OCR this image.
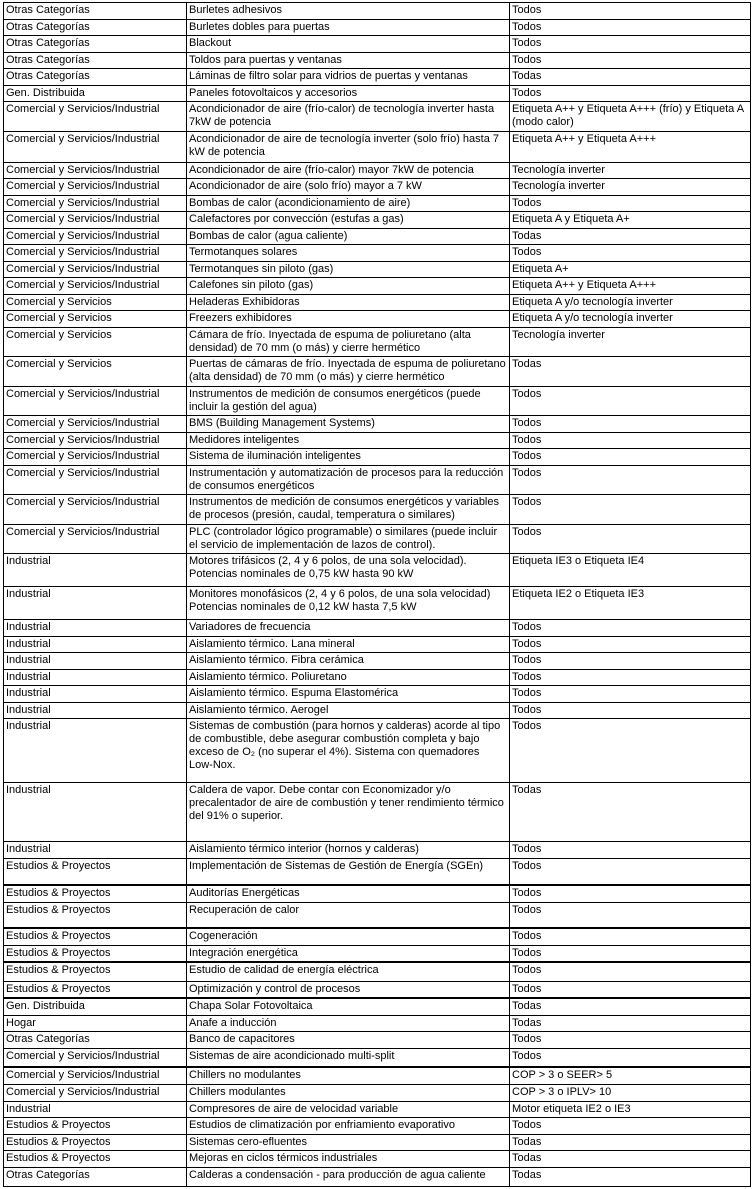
Otras Categorías	Burletes adhesivos	Todos
Otras Categorías	Burletes dobles para puertas	Todos
Otras Categorías	Blackout	Todos
Otras Categorías	Toldos para puertas y ventanas	Todos
Otras Categorías	Láminas de filtro solar para vidrios de puertas y ventanas	Todas
Gen. Distribuida	Paneles fotovoltaicos y accesorios	Todos
Comercial y Servicios/Industrial	Acondicionador de aire (frío-calor) de tecnología inverter hasta 7kW de potencia	Etiqueta A++ y Etiqueta A+++ (frío) y Etiqueta A (modo calor)
Comercial y Servicios/Industrial	Acondicionador de aire de tecnología inverter (solo frío) hasta 7 kW de potencia	Etiqueta A++ y Etiqueta A+++
Comercial y Servicios/Industrial	Acondicionador de aire (frío-calor) mayor 7kW de potencia	Tecnología inverter
Comercial y Servicios/Industrial	Acondicionador de aire (solo frío) mayor a 7 kW	Tecnología inverter
Comercial y Servicios/Industrial	Bombas de calor (acondicionamiento de aire)	Todos
Comercial y Servicios/Industrial	Calefactores por convección (estufas a gas)	Etiqueta A y Etiqueta A+
Comercial y Servicios/Industrial	Bombas de calor (agua caliente)	Todas
Comercial y Servicios/Industrial	Termotanques solares	Todos
Comercial y Servicios/Industrial	Termotanques sin piloto (gas)	Etiqueta A+
Comercial y Servicios/Industrial	Calefones sin piloto (gas)	Etiqueta A++ y Etiqueta A+++
Comercial y Servicios	Heladeras Exhibidoras	Etiqueta A y/o tecnología inverter
Comercial y Servicios	Freezers exhibidores	Etiqueta A y/o tecnología inverter
Comercial y Servicios	Cámara de frío. Inyectada de espuma de poliuretano (alta densidad) de 70 mm (o más) y cierre hermético	Tecnología inverter
Comercial y Servicios	Puertas de cámaras de frío. Inyectada de espuma de poliuretano (alta densidad) de 70 mm (o más) y cierre hermético	Todas
Comercial y Servicios/Industrial	Instrumentos de medición de consumos energéticos (puede incluir la gestión del agua)	Todos
Comercial y Servicios/Industrial	BMS (Building Management Systems)	Todos
Comercial y Servicios/Industrial	Medidores inteligentes	Todos
Comercial y Servicios/Industrial	Sistema de iluminación inteligentes	Todos
Comercial y Servicios/Industrial	Instrumentación y automatización de procesos para la reducción de consumos energéticos	Todos
Comercial y Servicios/Industrial	Instrumentos de medición de consumos energéticos y variables de procesos (presión, caudal, temperatura o similares)	Todos
Comercial y Servicios/Industrial	PLC (controlador lógico programable) o similares (puede incluir el servicio de implementación de lazos de control).	Todos
Industrial	Motores trifásicos (2, 4 y 6 polos, de una sola velocidad). Potencias nominales de 0,75 kW hasta 90 kW	Etiqueta IE3 o Etiqueta IE4
Industrial	Monitores monofásicos (2, 4 y 6 polos, de una sola velocidad) Potencias nominales de 0,12 kW hasta 7,5 kW	Etiqueta IE2 o Etiqueta IE3
Industrial	Variadores de frecuencia	Todos
Industrial	Aislamiento térmico. Lana mineral	Todos
Industrial	Aislamiento térmico. Fibra cerámica	Todos
Industrial	Aislamiento térmico. Poliuretano	Todos
Industrial	Aislamiento térmico. Espuma Elastomérica	Todos
Industrial	Aislamiento térmico. Aerogel	Todos
Industrial	Sistemas de combustión (para hornos y calderas) acorde al tipo de combustible, debe asegurar combustión completa y bajo exceso de O₂ (no superar el 4%). Sistema con quemadores Low-Nox.	Todos
Industrial	Caldera de vapor. Debe contar con Economizador y/o precalentador de aire de combustión y tener rendimiento térmico del 91% o superior.	Todas
Industrial	Aislamiento térmico interior (hornos y calderas)	Todos
Estudios & Proyectos	Implementación de Sistemas de Gestión de Energía (SGEn)	Todos
Estudios & Proyectos	Auditorías Energéticas	Todos
Estudios & Proyectos	Recuperación de calor	Todos
Estudios & Proyectos	Cogeneración	Todos
Estudios & Proyectos	Integración energética	Todos
Estudios & Proyectos	Estudio de calidad de energía eléctrica	Todos
Estudios & Proyectos	Optimización y control de procesos	Todos
Gen. Distribuida	Chapa Solar Fotovoltaica	Todas
Hogar	Anafe a inducción	Todas
Otras Categorías	Banco de capacitores	Todos
Comercial y Servicios/Industrial	Sistemas de aire acondicionado multi-split	Todos
Comercial y Servicios/Industrial	Chillers no modulantes	COP > 3 o SEER> 5
Comercial y Servicios/Industrial	Chillers modulantes	COP > 3 o IPLV> 10
Industrial	Compresores de aire de velocidad variable	Motor etiqueta IE2 o IE3
Estudios & Proyectos	Estudios de climatización por enfriamiento evaporativo	Todos
Estudios & Proyectos	Sistemas cero-efluentes	Todas
Estudios & Proyectos	Mejoras en ciclos térmicos industriales	Todas
Otras Categorías	Calderas a condensación - para producción de agua caliente	Todas
